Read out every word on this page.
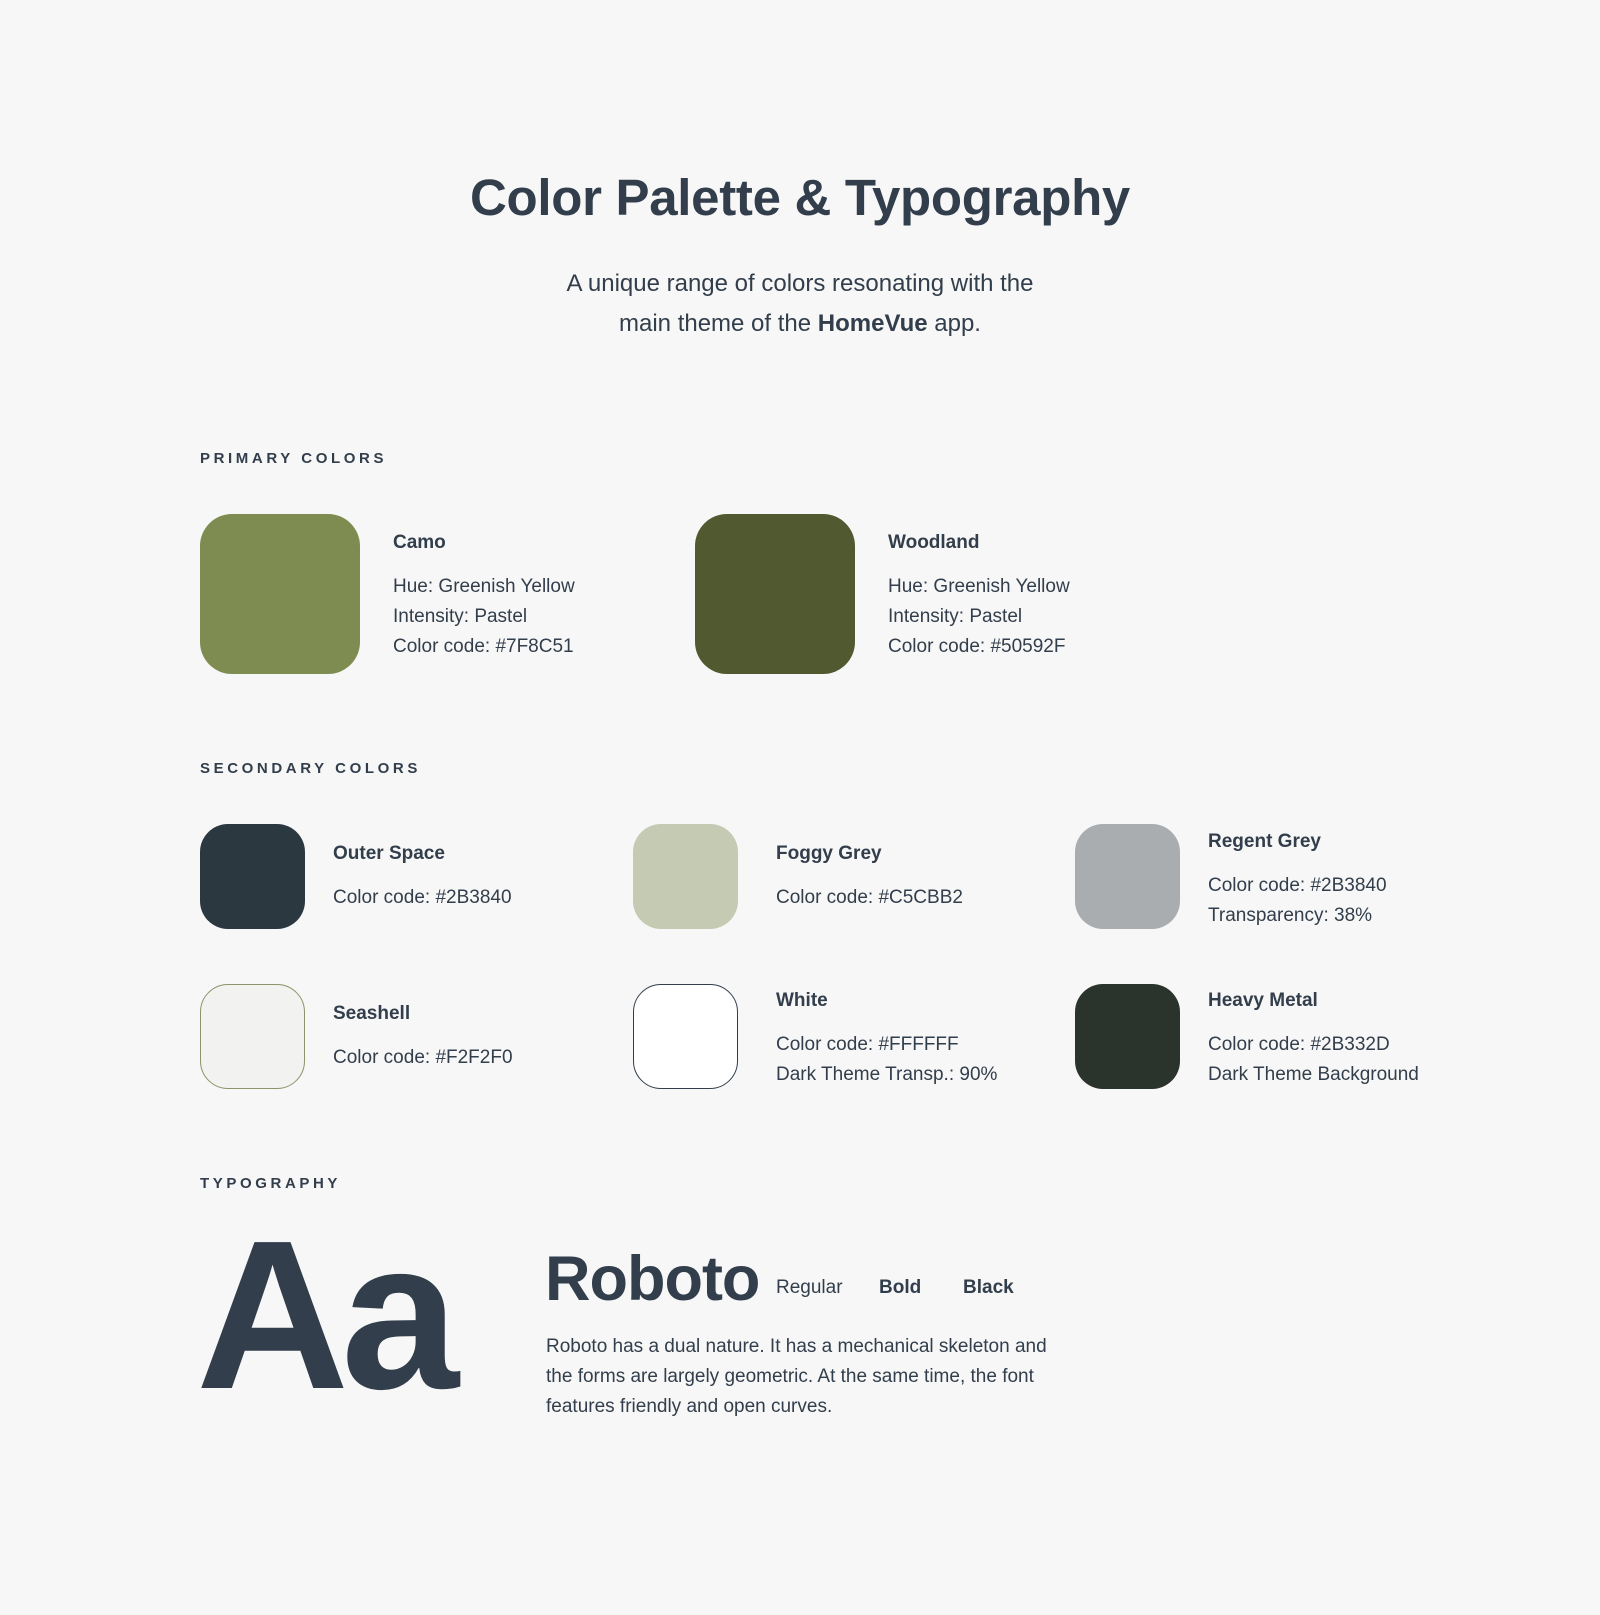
Color Palette & Typography

A unique range of colors resonating with the
main theme of the HomeVue app.

PRIMARY COLORS
Camo
Hue: Greenish Yellow
Intensity: Pastel
Color code: #7F8C51
Woodland
Hue: Greenish Yellow
Intensity: Pastel
Color code: #50592F
SECONDARY COLORS
Outer Space
Color code: #2B3840
Foggy Grey
Color code: #C5CBB2
Regent Grey
Color code: #2B3840
Transparency: 38%
Seashell
Color code: #F2F2F0
White
Color code: #FFFFFF
Dark Theme Transp.: 90%
Heavy Metal
Color code: #2B332D
Dark Theme Background
TYPOGRAPHY
Aa Roboto Regular Bold Black
Roboto has a dual nature. It has a mechanical skeleton and the forms are largely geometric. At the same time, the font features friendly and open curves.
